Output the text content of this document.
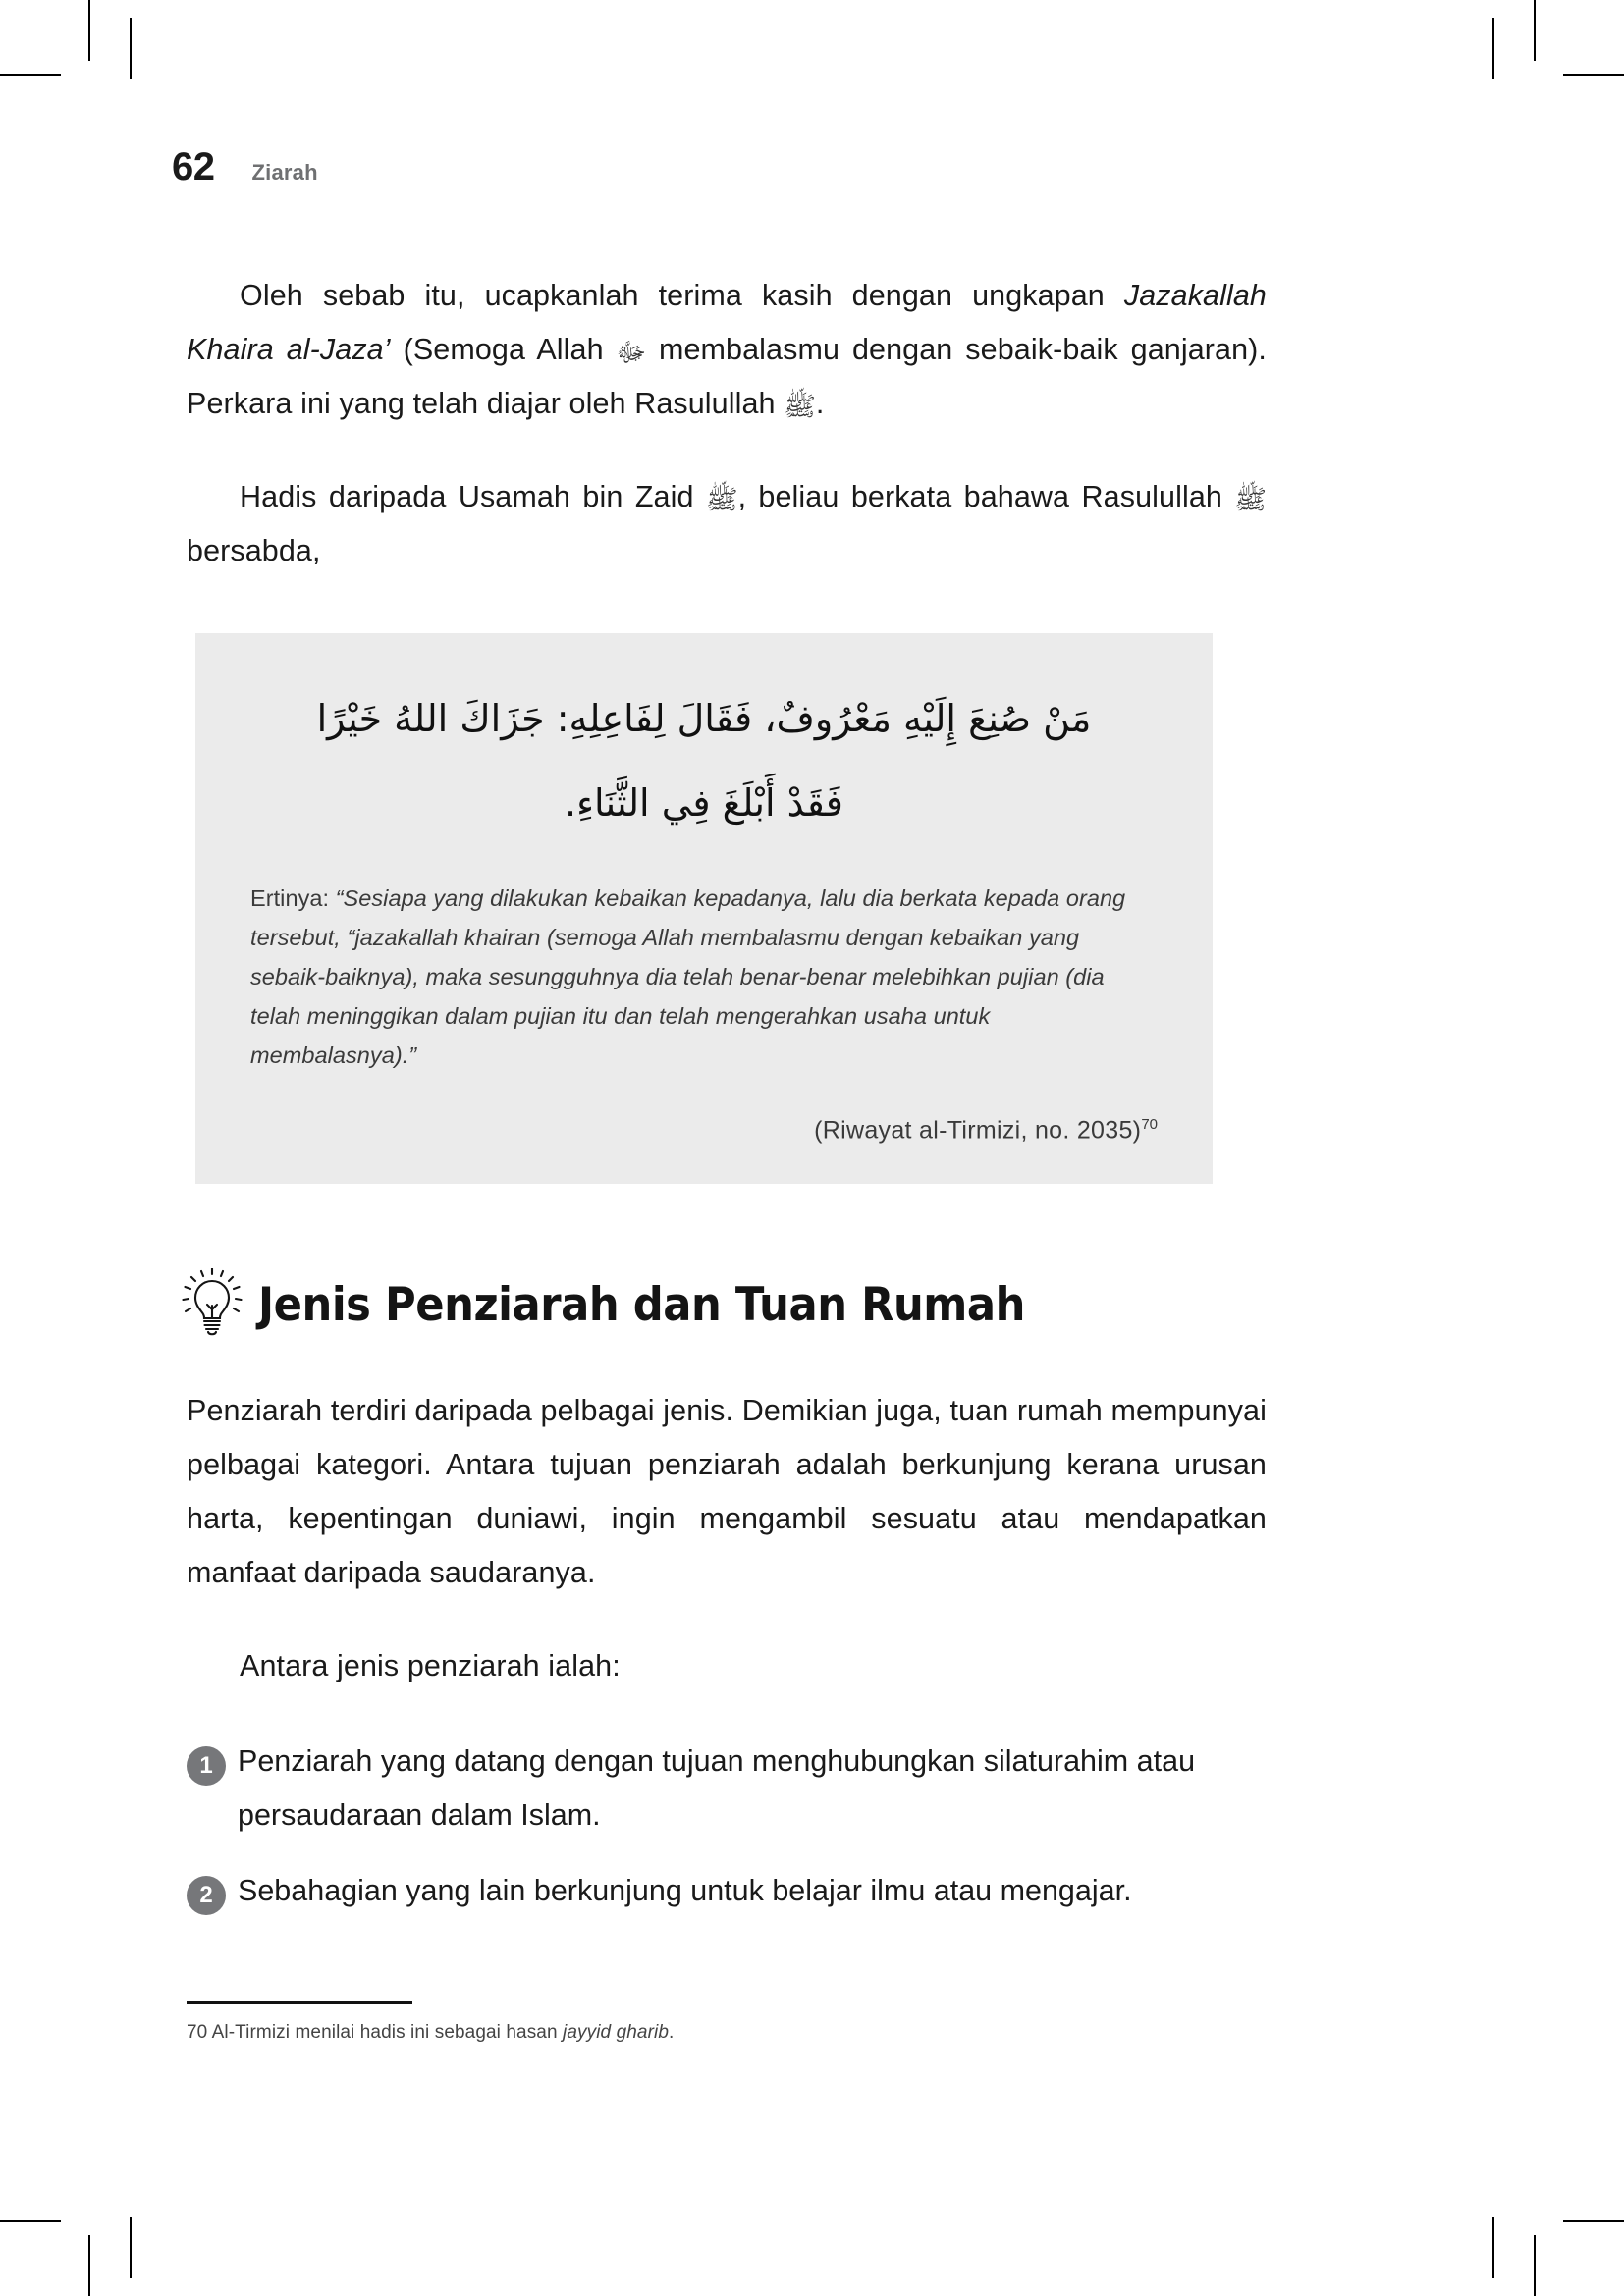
62 Ziarah

Oleh sebab itu, ucapkanlah terima kasih dengan ungkapan Jazakallah Khaira al-Jaza’ (Semoga Allah ﷻ membalasmu dengan sebaik-baik ganjaran). Perkara ini yang telah diajar oleh Rasulullah ﷺ.

Hadis daripada Usamah bin Zaid ﷺ, beliau berkata bahawa Rasulullah ﷺ bersabda,

مَنْ صُنِعَ إِلَيْهِ مَعْرُوفٌ، فَقَالَ لِفَاعِلِهِ: جَزَاكَ اللهُ خَيْرًا
فَقَدْ أَبْلَغَ فِي الثَّنَاءِ.

Ertinya: “Sesiapa yang dilakukan kebaikan kepadanya, lalu dia berkata kepada orang tersebut, “jazakallah khairan (semoga Allah membalasmu dengan kebaikan yang sebaik-baiknya), maka sesungguhnya dia telah benar-benar melebihkan pujian (dia telah meninggikan dalam pujian itu dan telah mengerahkan usaha untuk membalasnya).”

(Riwayat al-Tirmizi, no. 2035)$^{70}$

Jenis Penziarah dan Tuan Rumah

Penziarah terdiri daripada pelbagai jenis. Demikian juga, tuan rumah mempunyai pelbagai kategori. Antara tujuan penziarah adalah berkunjung kerana urusan harta, kepentingan duniawi, ingin mengambil sesuatu atau mendapatkan manfaat daripada saudaranya.

Antara jenis penziarah ialah:

1 Penziarah yang datang dengan tujuan menghubungkan silaturahim atau persaudaraan dalam Islam.
2 Sebahagian yang lain berkunjung untuk belajar ilmu atau mengajar.

70 Al-Tirmizi menilai hadis ini sebagai hasan jayyid gharib.
